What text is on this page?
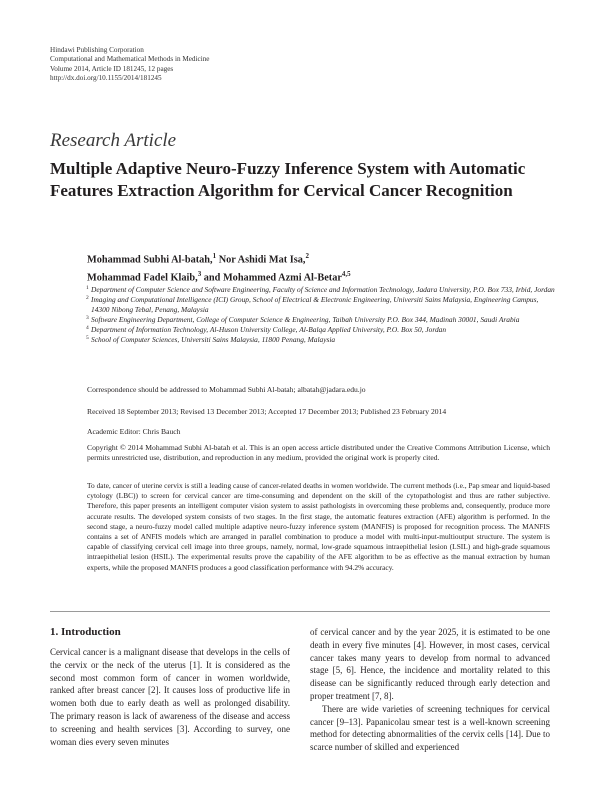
Hindawi Publishing Corporation
Computational and Mathematical Methods in Medicine
Volume 2014, Article ID 181245, 12 pages
http://dx.doi.org/10.1155/2014/181245
Research Article
Multiple Adaptive Neuro-Fuzzy Inference System with Automatic Features Extraction Algorithm for Cervical Cancer Recognition
Mohammad Subhi Al-batah,$^1$ Nor Ashidi Mat Isa,$^2$
Mohammad Fadel Klaib,$^3$ and Mohammed Azmi Al-Betar$^{4,5}$
1 Department of Computer Science and Software Engineering, Faculty of Science and Information Technology, Jadara University, P.O. Box 733, Irbid, Jordan
2 Imaging and Computational Intelligence (ICI) Group, School of Electrical & Electronic Engineering, Universiti Sains Malaysia, Engineering Campus, 14300 Nibong Tebal, Penang, Malaysia
3 Software Engineering Department, College of Computer Science & Engineering, Taibah University P.O. Box 344, Madinah 30001, Saudi Arabia
4 Department of Information Technology, Al-Huson University College, Al-Balqa Applied University, P.O. Box 50, Jordan
5 School of Computer Sciences, Universiti Sains Malaysia, 11800 Penang, Malaysia
Correspondence should be addressed to Mohammad Subhi Al-batah; albatah@jadara.edu.jo
Received 18 September 2013; Revised 13 December 2013; Accepted 17 December 2013; Published 23 February 2014
Academic Editor: Chris Bauch
Copyright © 2014 Mohammad Subhi Al-batah et al. This is an open access article distributed under the Creative Commons Attribution License, which permits unrestricted use, distribution, and reproduction in any medium, provided the original work is properly cited.
To date, cancer of uterine cervix is still a leading cause of cancer-related deaths in women worldwide. The current methods (i.e., Pap smear and liquid-based cytology (LBC)) to screen for cervical cancer are time-consuming and dependent on the skill of the cytopathologist and thus are rather subjective. Therefore, this paper presents an intelligent computer vision system to assist pathologists in overcoming these problems and, consequently, produce more accurate results. The developed system consists of two stages. In the first stage, the automatic features extraction (AFE) algorithm is performed. In the second stage, a neuro-fuzzy model called multiple adaptive neuro-fuzzy inference system (MANFIS) is proposed for recognition process. The MANFIS contains a set of ANFIS models which are arranged in parallel combination to produce a model with multi-input-multioutput structure. The system is capable of classifying cervical cell image into three groups, namely, normal, low-grade squamous intraepithelial lesion (LSIL) and high-grade squamous intraepithelial lesion (HSIL). The experimental results prove the capability of the AFE algorithm to be as effective as the manual extraction by human experts, while the proposed MANFIS produces a good classification performance with 94.2% accuracy.
1. Introduction
Cervical cancer is a malignant disease that develops in the cells of the cervix or the neck of the uterus [1]. It is considered as the second most common form of cancer in women worldwide, ranked after breast cancer [2]. It causes loss of productive life in women both due to early death as well as prolonged disability. The primary reason is lack of awareness of the disease and access to screening and health services [3]. According to survey, one woman dies every seven minutes
of cervical cancer and by the year 2025, it is estimated to be one death in every five minutes [4]. However, in most cases, cervical cancer takes many years to develop from normal to advanced stage [5, 6]. Hence, the incidence and mortality related to this disease can be significantly reduced through early detection and proper treatment [7, 8].
There are wide varieties of screening techniques for cervical cancer [9–13]. Papanicolau smear test is a well-known screening method for detecting abnormalities of the cervix cells [14]. Due to scarce number of skilled and experienced
